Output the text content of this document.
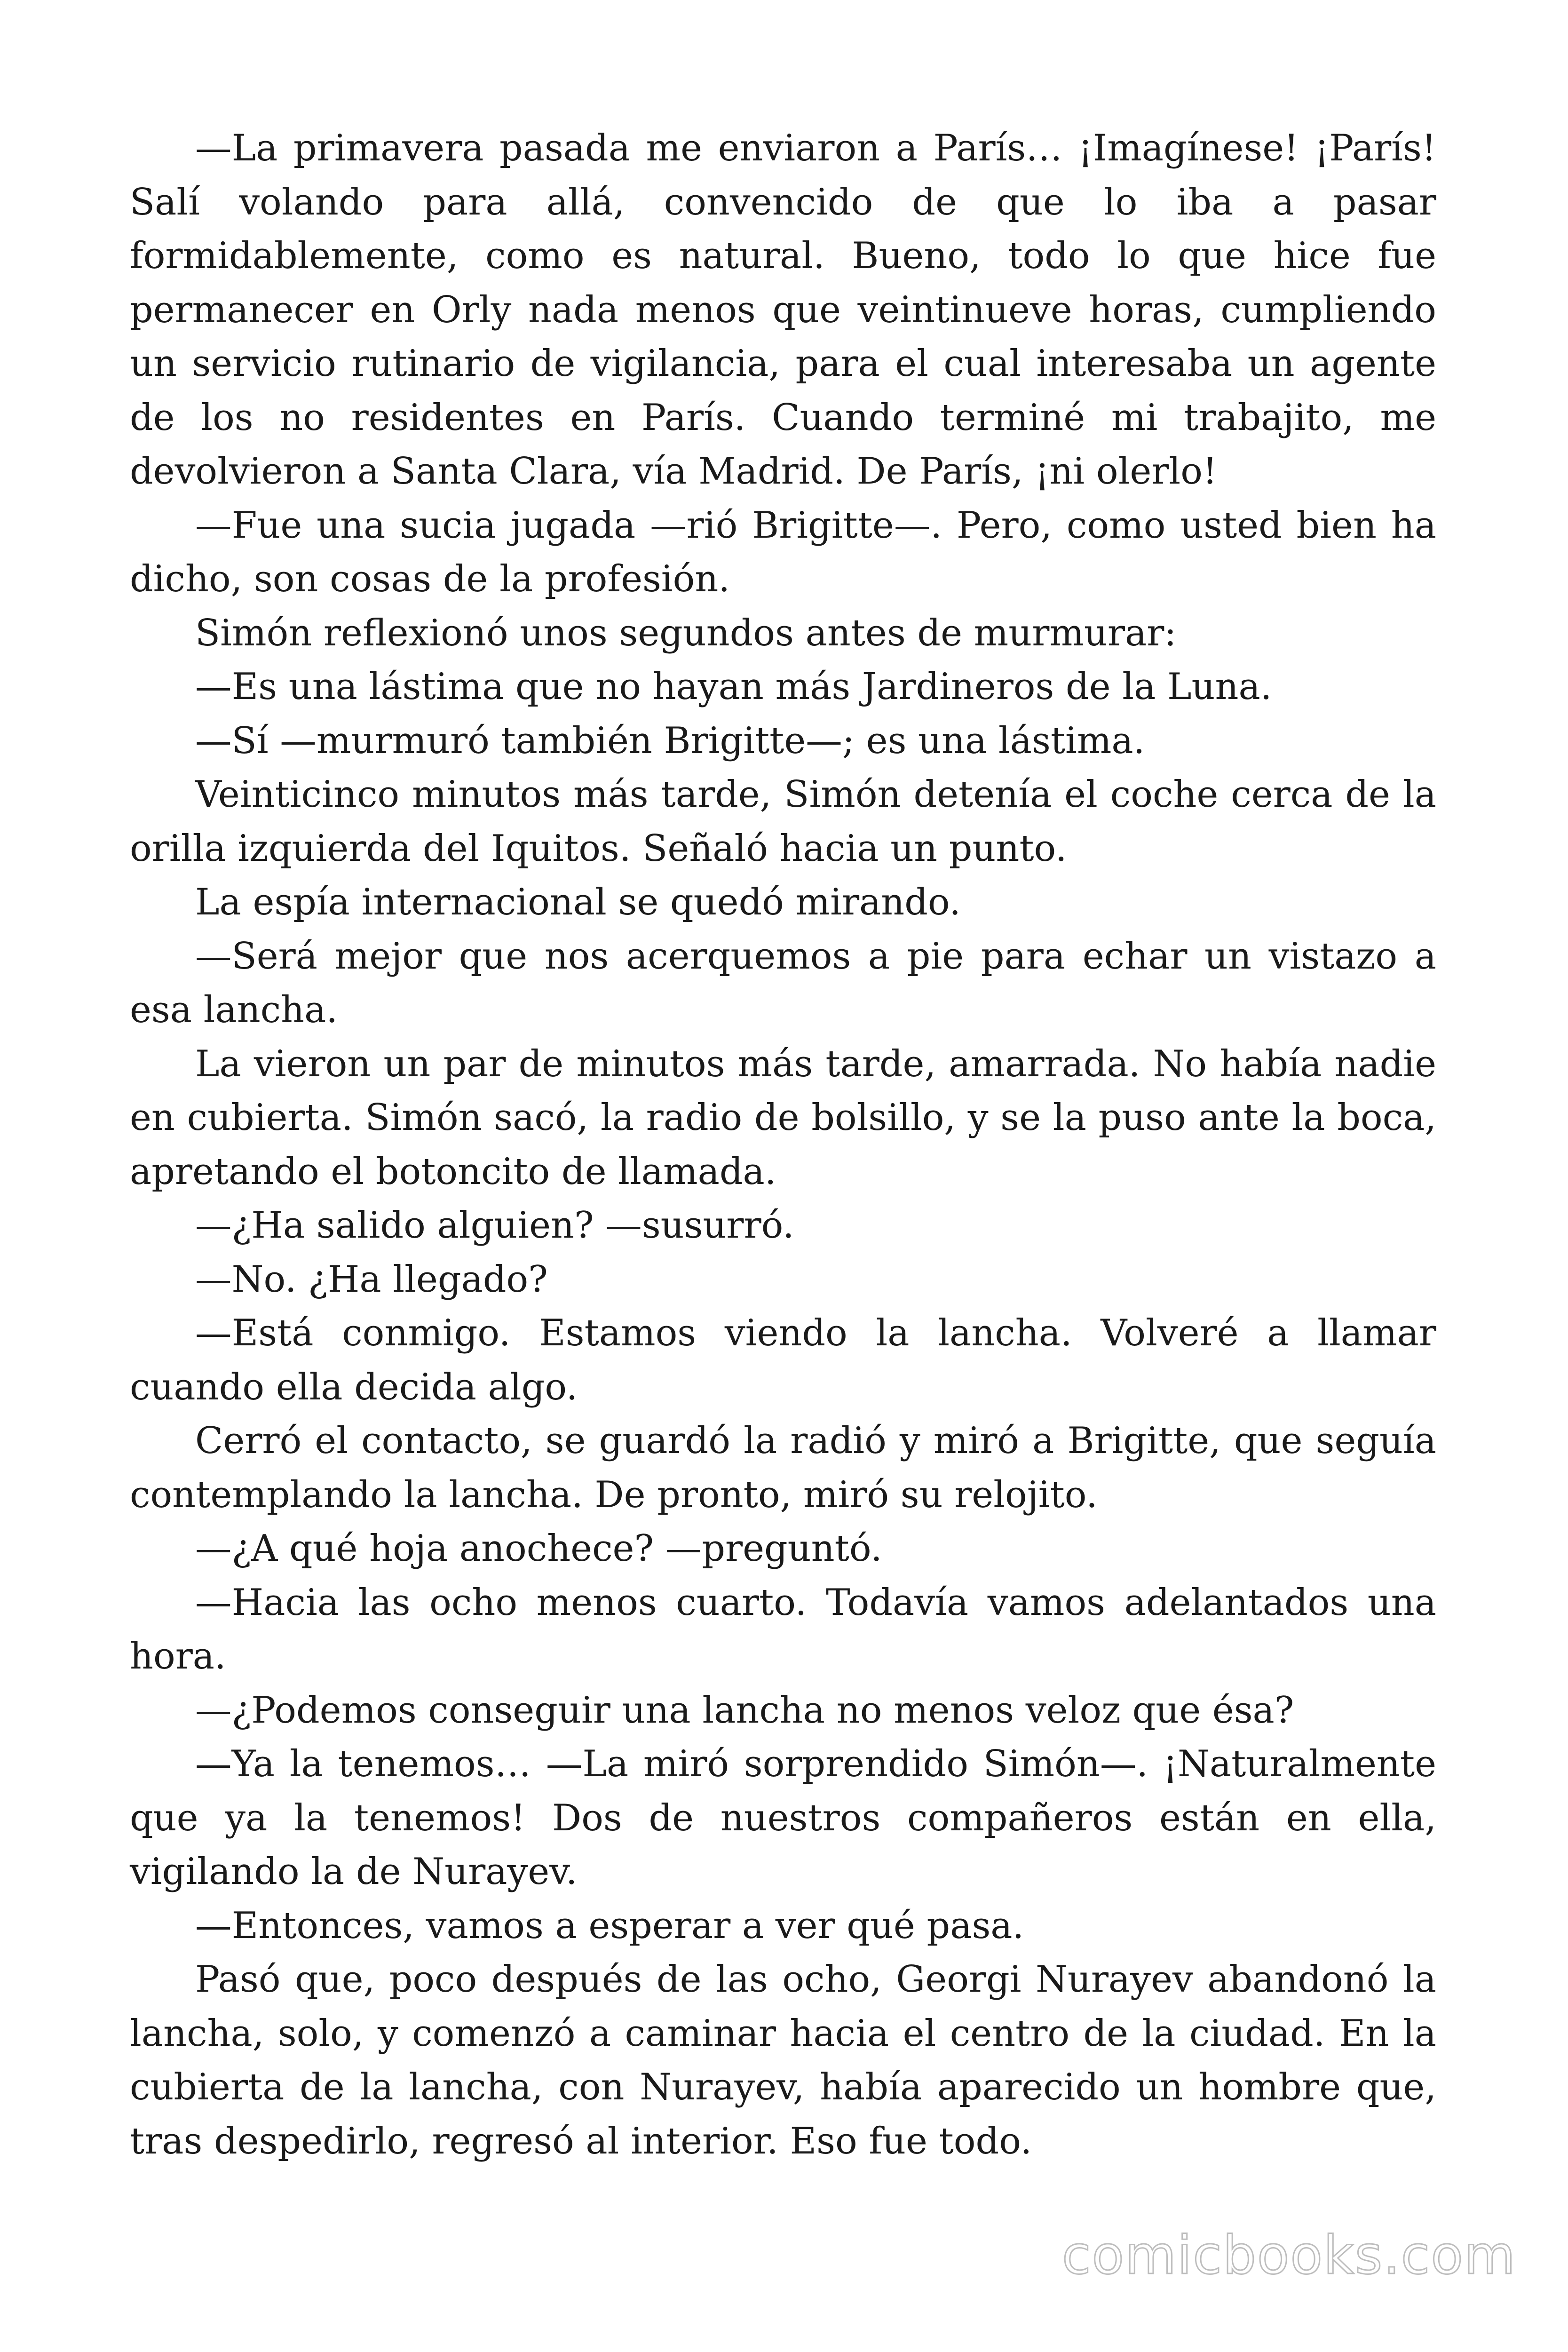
—La primavera pasada me enviaron a París… ¡Imagínese! ¡París! Salí volando para allá, convencido de que lo iba a pasar formidablemente, como es natural. Bueno, todo lo que hice fue permanecer en Orly nada menos que veintinueve horas, cumpliendo un servicio rutinario de vigilancia, para el cual interesaba un agente de los no residentes en París. Cuando terminé mi trabajito, me devolvieron a Santa Clara, vía Madrid. De París, ¡ni olerlo!

—Fue una sucia jugada —rió Brigitte—. Pero, como usted bien ha dicho, son cosas de la profesión.

Simón reflexionó unos segundos antes de murmurar:

—Es una lástima que no hayan más Jardineros de la Luna.

—Sí —murmuró también Brigitte—; es una lástima.

Veinticinco minutos más tarde, Simón detenía el coche cerca de la orilla izquierda del Iquitos. Señaló hacia un punto.

La espía internacional se quedó mirando.

—Será mejor que nos acerquemos a pie para echar un vistazo a esa lancha.

La vieron un par de minutos más tarde, amarrada. No había nadie en cubierta. Simón sacó, la radio de bolsillo, y se la puso ante la boca, apretando el botoncito de llamada.

—¿Ha salido alguien? —susurró.

—No. ¿Ha llegado?

—Está conmigo. Estamos viendo la lancha. Volveré a llamar cuando ella decida algo.

Cerró el contacto, se guardó la radió y miró a Brigitte, que seguía contemplando la lancha. De pronto, miró su relojito.

—¿A qué hoja anochece? —preguntó.

—Hacia las ocho menos cuarto. Todavía vamos adelantados una hora.

—¿Podemos conseguir una lancha no menos veloz que ésa?

—Ya la tenemos… —La miró sorprendido Simón—. ¡Naturalmente que ya la tenemos! Dos de nuestros compañeros están en ella, vigilando la de Nurayev.

—Entonces, vamos a esperar a ver qué pasa.

Pasó que, poco después de las ocho, Georgi Nurayev abandonó la lancha, solo, y comenzó a caminar hacia el centro de la ciudad. En la cubierta de la lancha, con Nurayev, había aparecido un hombre que, tras despedirlo, regresó al interior. Eso fue todo.

comicbooks.com
